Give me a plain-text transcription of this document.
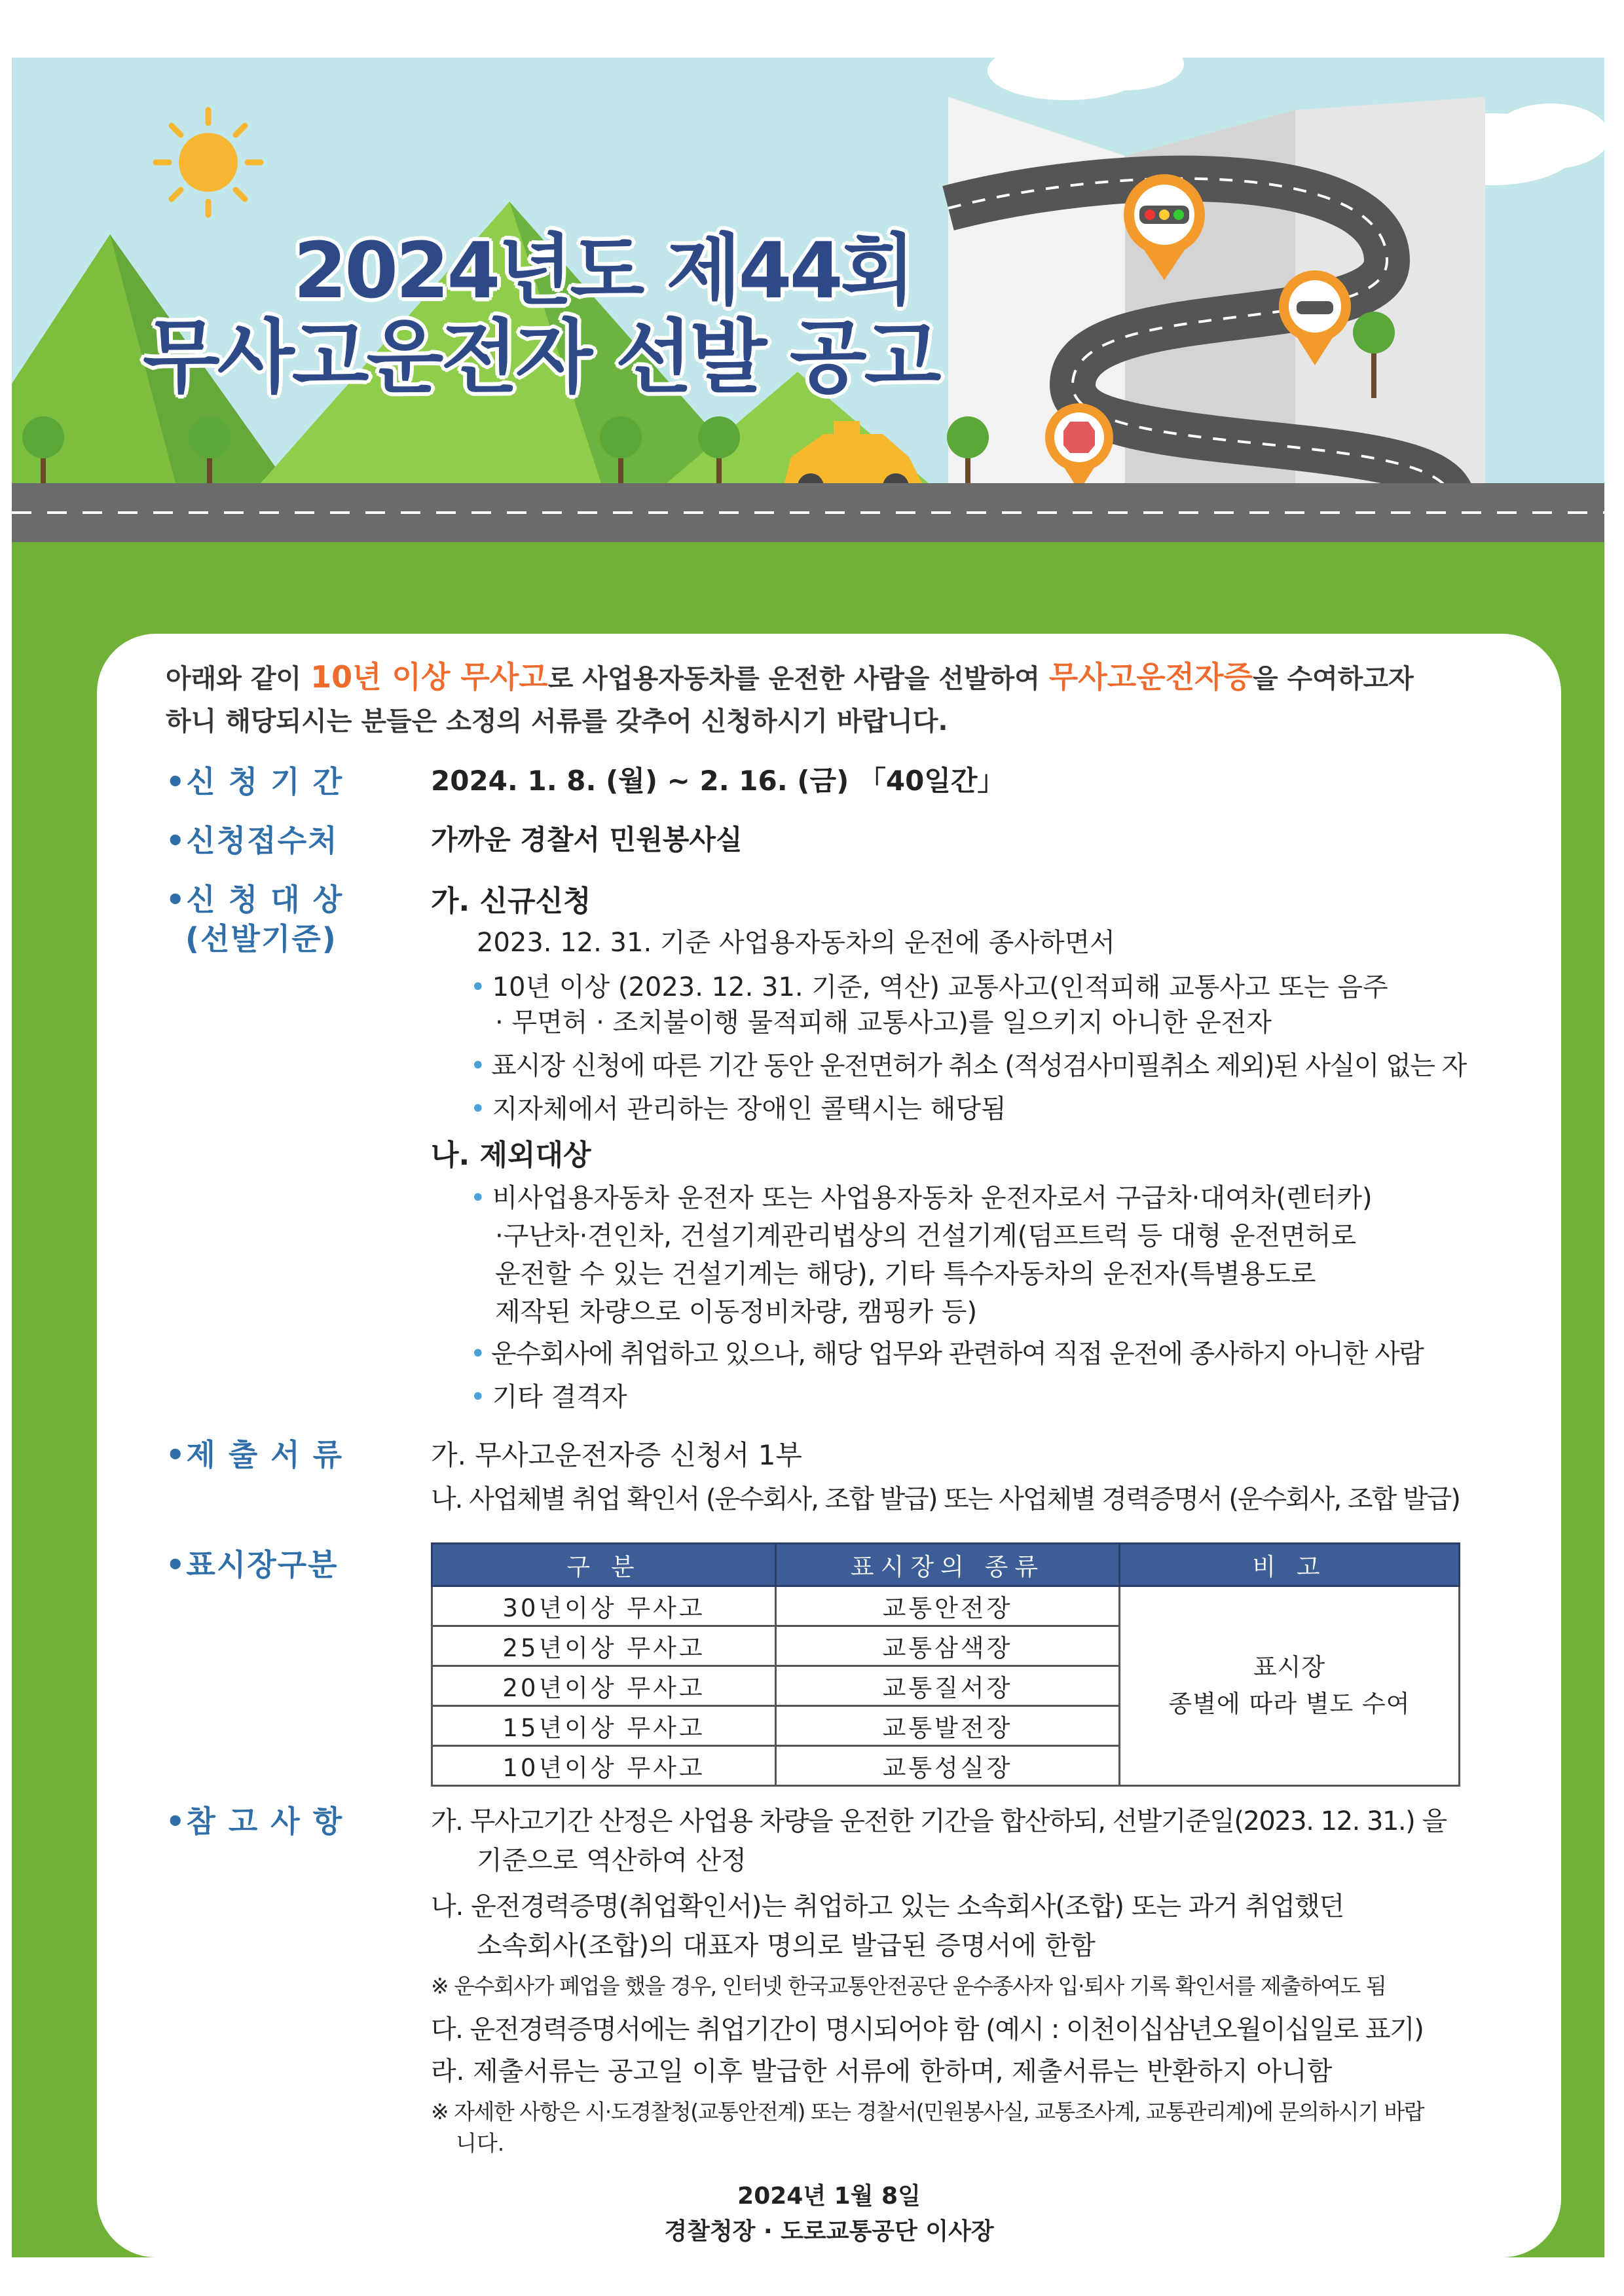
2024년도 제44회
무사고운전자 선발 공고
아래와 같이 10년 이상 무사고로 사업용자동차를 운전한 사람을 선발하여 무사고운전자증을 수여하고자
하니 해당되시는 분들은 소정의 서류를 갖추어 신청하시기 바랍니다.
•신 청 기 간	2024. 1. 8. (월) ~ 2. 16. (금) 「40일간」
•신청접수처	가까운 경찰서 민원봉사실
•신 청 대 상
(선발기준)
가. 신규신청
2023. 12. 31. 기준 사업용자동차의 운전에 종사하면서
• 10년 이상 (2023. 12. 31. 기준, 역산) 교통사고(인적피해 교통사고 또는 음주
· 무면허 · 조치불이행 물적피해 교통사고)를 일으키지 아니한 운전자
• 표시장 신청에 따른 기간 동안 운전면허가 취소 (적성검사미필취소 제외)된 사실이 없는 자
• 지자체에서 관리하는 장애인 콜택시는 해당됨
나. 제외대상
• 비사업용자동차 운전자 또는 사업용자동차 운전자로서 구급차·대여차(렌터카)
·구난차·견인차, 건설기계관리법상의 건설기계(덤프트럭 등 대형 운전면허로
운전할 수 있는 건설기계는 해당), 기타 특수자동차의 운전자(특별용도로
제작된 차량으로 이동정비차량, 캠핑카 등)
• 운수회사에 취업하고 있으나, 해당 업무와 관련하여 직접 운전에 종사하지 아니한 사람
• 기타 결격자
•제 출 서 류	가. 무사고운전자증 신청서 1부
나. 사업체별 취업 확인서 (운수회사, 조합 발급) 또는 사업체별 경력증명서 (운수회사, 조합 발급)
•표시장구분
•참 고 사 항	가. 무사고기간 산정은 사업용 차량을 운전한 기간을 합산하되, 선발기준일(2023. 12. 31.) 을
기준으로 역산하여 산정
나. 운전경력증명(취업확인서)는 취업하고 있는 소속회사(조합) 또는 과거 취업했던
소속회사(조합)의 대표자 명의로 발급된 증명서에 한함
※ 운수회사가 폐업을 했을 경우, 인터넷 한국교통안전공단 운수종사자 입·퇴사 기록 확인서를 제출하여도 됨
다. 운전경력증명서에는 취업기간이 명시되어야 함 (예시 : 이천이십삼년오월이십일로 표기)
라. 제출서류는 공고일 이후 발급한 서류에 한하며, 제출서류는 반환하지 아니함
※ 자세한 사항은 시·도경찰청(교통안전계) 또는 경찰서(민원봉사실, 교통조사계, 교통관리계)에 문의하시기 바랍
니다.
2024년 1월 8일
경찰청장 · 도로교통공단 이사장
구 분	표시장의 종류	비 고
30년이상 무사고	교통안전장	표시장
종별에 따라 별도 수여

25년이상 무사고	교통삼색장	
20년이상 무사고	교통질서장	
15년이상 무사고	교통발전장	
10년이상 무사고	교통성실장	
